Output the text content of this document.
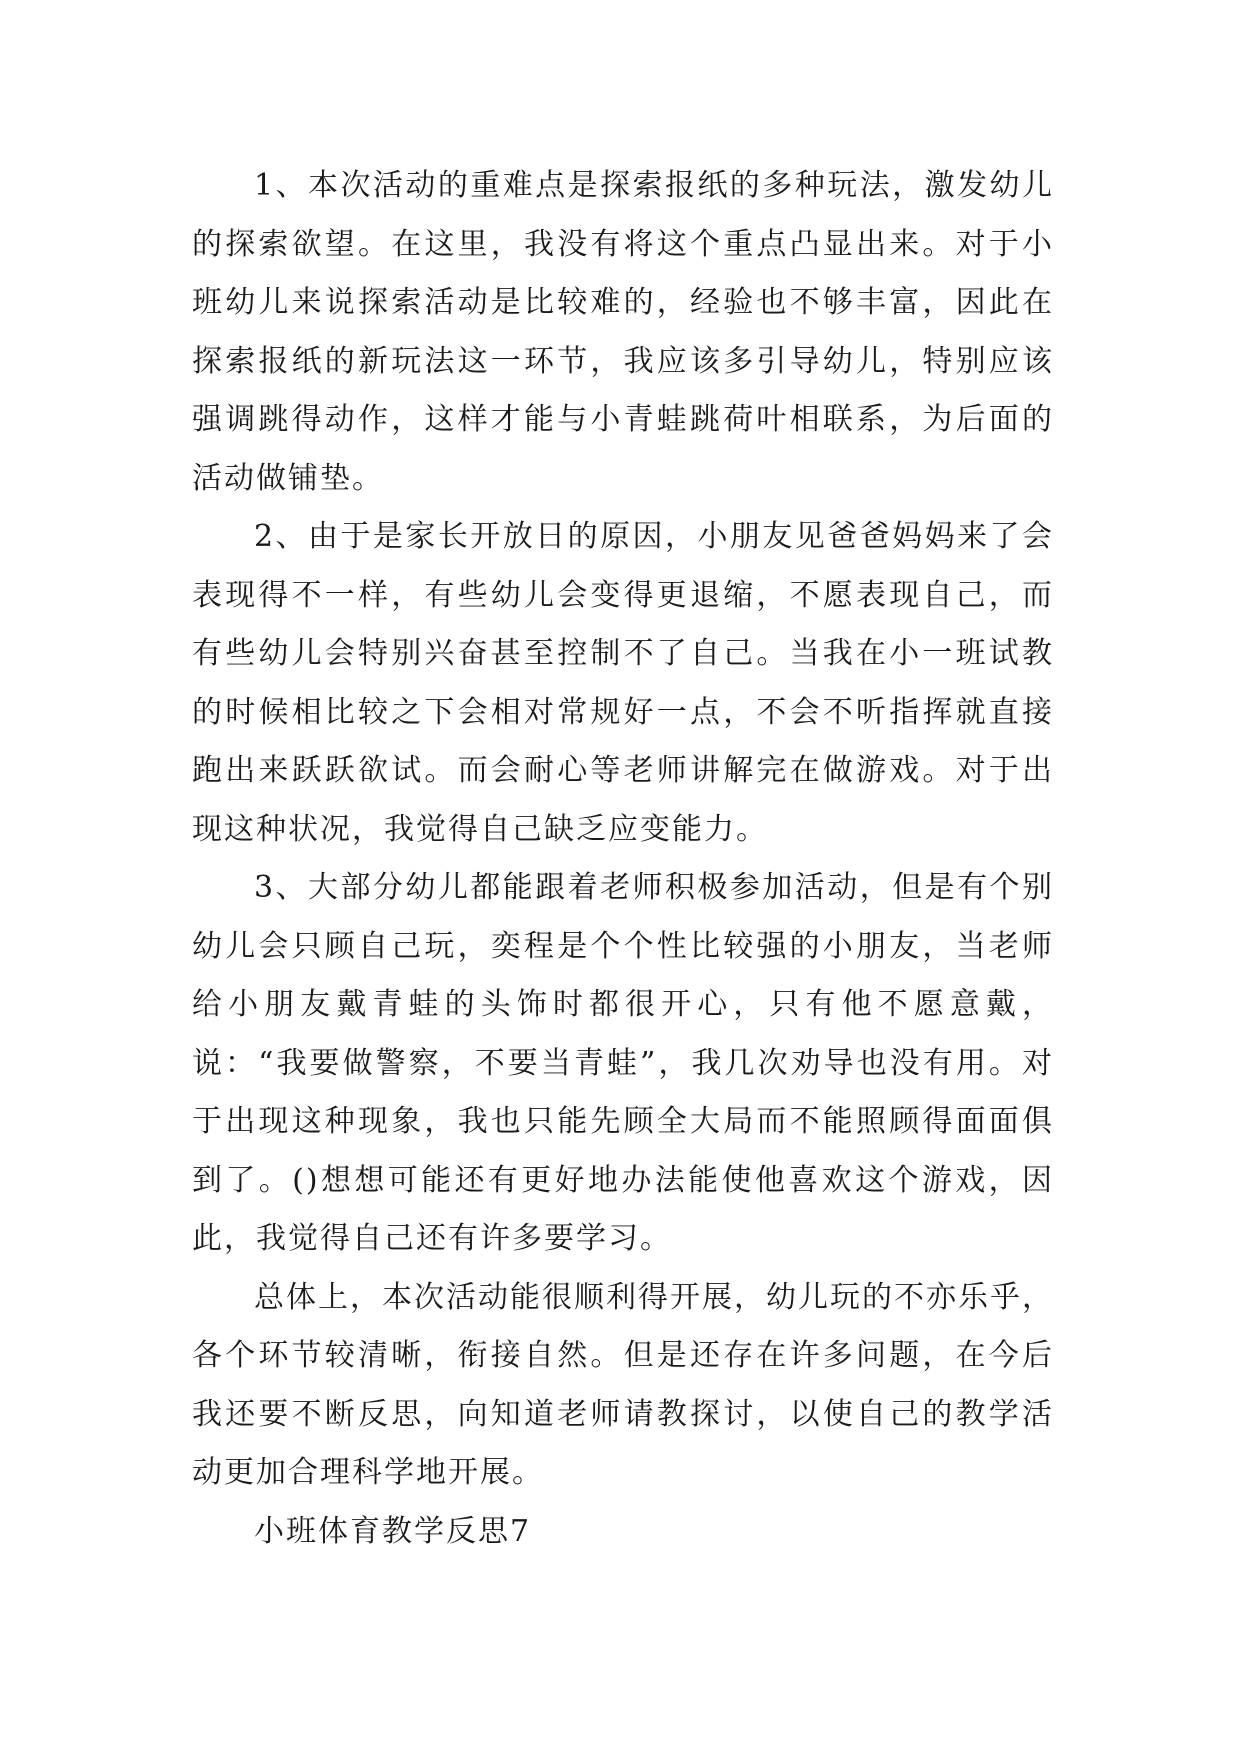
1、本次活动的重难点是探索报纸的多种玩法，激发幼儿的探索欲望。在这里，我没有将这个重点凸显出来。对于小班幼儿来说探索活动是比较难的，经验也不够丰富，因此在探索报纸的新玩法这一环节，我应该多引导幼儿，特别应该强调跳得动作，这样才能与小青蛙跳荷叶相联系，为后面的活动做铺垫。

2、由于是家长开放日的原因，小朋友见爸爸妈妈来了会表现得不一样，有些幼儿会变得更退缩，不愿表现自己，而有些幼儿会特别兴奋甚至控制不了自己。当我在小一班试教的时候相比较之下会相对常规好一点，不会不听指挥就直接跑出来跃跃欲试。而会耐心等老师讲解完在做游戏。对于出现这种状况，我觉得自己缺乏应变能力。

3、大部分幼儿都能跟着老师积极参加活动，但是有个别幼儿会只顾自己玩，奕程是个个性比较强的小朋友，当老师给小朋友戴青蛙的头饰时都很开心，只有他不愿意戴，说：“我要做警察，不要当青蛙”，我几次劝导也没有用。对于出现这种现象，我也只能先顾全大局而不能照顾得面面俱到了。()想想可能还有更好地办法能使他喜欢这个游戏，因此，我觉得自己还有许多要学习。

总体上，本次活动能很顺利得开展，幼儿玩的不亦乐乎，各个环节较清晰，衔接自然。但是还存在许多问题，在今后我还要不断反思，向知道老师请教探讨，以使自己的教学活动更加合理科学地开展。

小班体育教学反思7
